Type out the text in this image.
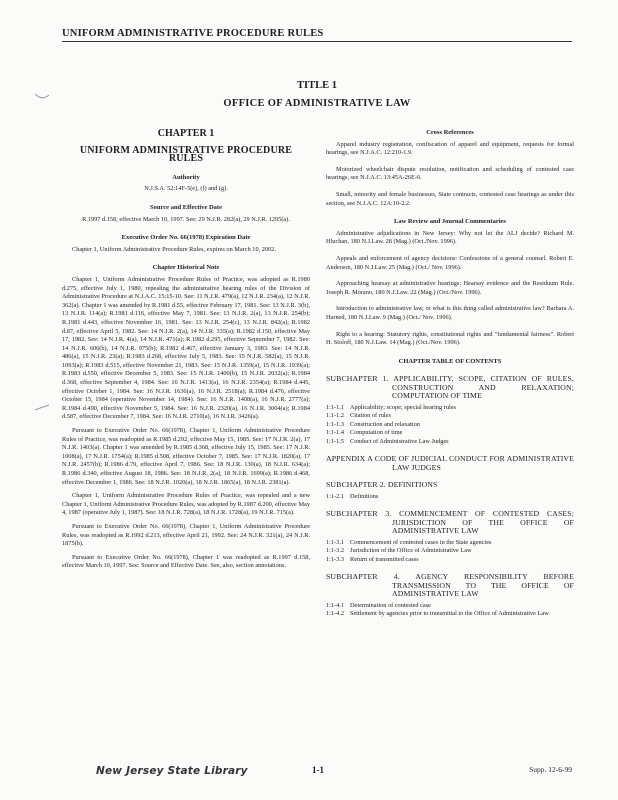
UNIFORM ADMINISTRATIVE PROCEDURE RULES
TITLE 1
OFFICE OF ADMINISTRATIVE LAW
CHAPTER 1
UNIFORM ADMINISTRATIVE PROCEDURE RULES
Authority
N.J.S.A. 52:14F-5(e), (f) and (g).
Source and Effective Date
R.1997 d.158, effective March 10, 1997. See: 29 N.J.R. 282(a), 29 N.J.R. 1295(a).
Executive Order No. 66(1978) Expiration Date
Chapter 1, Uniform Administrative Procedure Rules, expires on March 10, 2002.
Chapter Historical Note
Chapter 1, Uniform Administrative Procedure Rules of Practice, was adopted as R.1980 d.275, effective July 1, 1980, repealing the administrative hearing rules of the Division of Administrative Procedure at N.J.A.C. 15:15-10. See: 11 N.J.R. 479(a), 12 N.J.R. 234(a), 12 N.J.R. 362(a). Chapter 1 was amended by R.1981 d.55, effective February 17, 1981. See: 13 N.J.R. 3(b), 13 N.J.R. 114(a); R.1981 d.116, effective May 7, 1981. See: 13 N.J.R. 2(a), 13 N.J.R. 254(b); R.1981 d.443, effective November 16, 1981. See: 13 N.J.R. 254(c), 13 N.J.R. 842(a); R.1982 d.87, effective April 5, 1982. See: 14 N.J.R. 2(a), 14 N.J.R. 335(a); R.1982 d.150, effective May 17, 1982. See: 14 N.J.R. 4(a), 14 N.J.R. 471(a); R.1982 d.295, effective September 7, 1982. See: 14 N.J.R. 606(b), 14 N.J.R. 975(b); R.1982 d.467, effective January 3, 1983. See: 14 N.J.R. 486(a), 15 N.J.R. 23(a); R.1983 d.268, effective July 5, 1983. See: 15 N.J.R. 582(a), 15 N.J.R. 1093(a); R.1983 d.515, effective November 21, 1983. See: 15 N.J.R. 1359(a), 15 N.J.R. 1939(a); R.1983 d.550, effective December 5, 1983. See: 15 N.J.R. 1400(b), 15 N.J.R. 2032(a); R.1984 d.368, effective September 4, 1984. See: 16 N.J.R. 1413(a), 16 N.J.R. 2354(a); R.1984 d.445, effective October 1, 1984. See: 16 N.J.R. 1636(a), 16 N.J.R. 2518(a); R.1984 d.476, effective October 15, 1984 (operative November 14, 1984). See: 16 N.J.R. 1408(a), 16 N.J.R. 2777(a); R.1984 d.490, effective November 5, 1984. See: 16 N.J.R. 2320(a), 16 N.J.R. 3004(a); R.1984 d.587, effective December 7, 1984. See: 16 N.J.R. 2710(a), 16 N.J.R. 3426(a).
Pursuant to Executive Order No. 66(1978), Chapter 1, Uniform Administrative Procedure Rules of Practice, was readopted as R.1985 d.292, effective May 15, 1985. See: 17 N.J.R. 2(a), 17 N.J.R. 1403(a). Chapter 1 was amended by R.1985 d.368, effective July 15, 1985. See: 17 N.J.R. 1008(a), 17 N.J.R. 1754(a); R.1985 d.508, effective October 7, 1985. See: 17 N.J.R. 1820(a), 17 N.J.R. 2457(b); R.1986 d.79, effective April 7, 1986. See: 18 N.J.R. 130(a), 18 N.J.R. 634(a); R.1986 d.340, effective August 18, 1986. See: 18 N.J.R. 2(a), 18 N.J.R. 1699(a); R.1986 d.468, effective December 1, 1986. See: 18 N.J.R. 1020(a), 18 N.J.R. 1865(a), 18 N.J.R. 2381(a).
Chapter 1, Uniform Administrative Procedure Rules of Practice, was repealed and a new Chapter 1, Uniform Administrative Procedure Rules, was adopted by R.1987 d.200, effective May 4, 1987 (operative July 1, 1987). See: 18 N.J.R. 728(a), 18 N.J.R. 1728(a), 19 N.J.R. 715(a).
Pursuant to Executive Order No. 66(1978), Chapter 1, Uniform Administrative Procedure Rules, was readopted as R.1992 d.213, effective April 21, 1992. See: 24 N.J.R. 321(a), 24 N.J.R. 1875(b).
Pursuant to Executive Order No. 66(1978), Chapter 1 was readopted as R.1997 d.158, effective March 10, 1997. See: Source and Effective Date. See, also, section annotations.
Cross References
Apparel industry registration, confiscation of apparel and equipment, requests for formal hearings, see N.J.A.C. 12:210-1.9.
Motorized wheelchair dispute resolution, notification and scheduling of contested case hearings, see N.J.A.C. 13:45A-26E-6.
Small, minority and female businesses, State contracts, contested case hearings as under this section, see N.J.A.C. 12A:10-2.2.
Law Review and Journal Commentaries
Administrative adjudications in New Jersey: Why not let the ALJ decide? Richard M. Hluchan, 180 N.J.Law. 28 (Mag.) (Oct./Nov. 1996).
Appeals and enforcement of agency decisions: Confessions of a general counsel. Robert E. Anderson, 180 N.J.Law. 25 (Mag.) (Oct./ Nov. 1996).
Approaching hearsay at administrative hearings: Hearsay evidence and the Residuum Rule. Joseph R. Morano, 180 N.J.Law. 22 (Mag.) (Oct./Nov. 1996).
Introduction to administrative law, or what is this thing called administrative law? Barbara A. Harned, 180 N.J.Law. 9 (Mag.) (Oct./ Nov. 1996).
Right to a hearing: Statutory rights, constitutional rights and "fundamental fairness". Robert H. Stoloff, 180 N.J.Law. 14 (Mag.) (Oct./Nov. 1996).
CHAPTER TABLE OF CONTENTS
SUBCHAPTER 1. APPLICABILITY, SCOPE, CITATION OF RULES, CONSTRUCTION AND RELAXATION; COMPUTATION OF TIME
1:1-1.1 Applicability; scope; special hearing rules
1:1-1.2 Citation of rules
1:1-1.3 Construction and relaxation
1:1-1.4 Computation of time
1:1-1.5 Conduct of Administrative Law Judges
APPENDIX A CODE OF JUDICIAL CONDUCT FOR ADMINISTRATIVE LAW JUDGES
SUBCHAPTER 2. DEFINITIONS
1:1-2.1 Definitions
SUBCHAPTER 3. COMMENCEMENT OF CONTESTED CASES; JURISDICTION OF THE OFFICE OF ADMINISTRATIVE LAW
1:1-3.1 Commencement of contested cases in the State agencies
1:1-3.2 Jurisdiction of the Office of Administrative Law
1:1-3.3 Return of transmitted cases
SUBCHAPTER 4. AGENCY RESPONSIBILITY BEFORE TRANSMISSION TO THE OFFICE OF ADMINISTRATIVE LAW
1:1-4.1 Determination of contested case
1:1-4.2 Settlement by agencies prior to transmittal to the Office of Administrative Law
New Jersey State Library	1-1	Supp. 12-6-99
